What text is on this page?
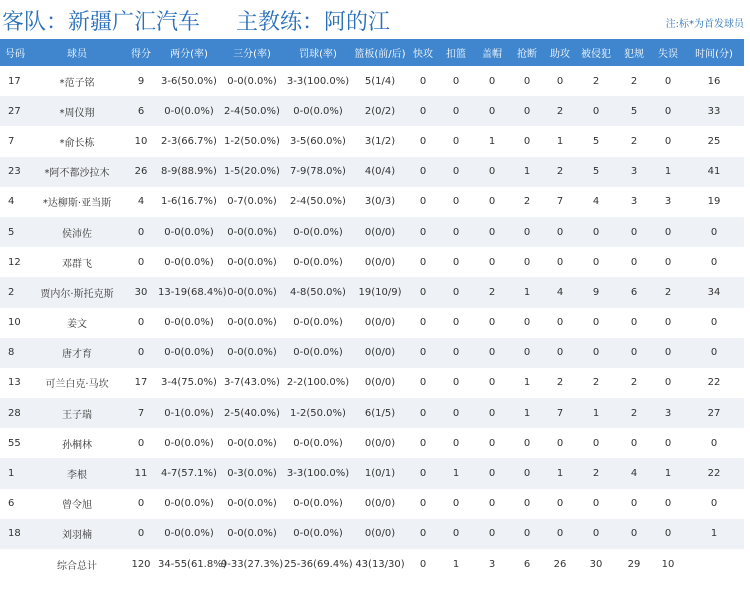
客队：新疆广汇汽车 主教练：阿的江	注:标*为首发球员
号码	球员	得分	两分(率)	三分(率)	罚球(率)	篮板(前/后)	快攻	扣篮	盖帽	抢断	助攻	被侵犯	犯规	失误	时间(分)
17	*范子铭	9	3-6(50.0%)	0-0(0.0%)	3-3(100.0%)	5(1/4)	0	0	0	0	0	2	2	0	16
27	*周仪翔	6	0-0(0.0%)	2-4(50.0%)	0-0(0.0%)	2(0/2)	0	0	0	0	2	0	5	0	33
7	*俞长栋	10	2-3(66.7%)	1-2(50.0%)	3-5(60.0%)	3(1/2)	0	0	1	0	1	5	2	0	25
23	*阿不都沙拉木	26	8-9(88.9%)	1-5(20.0%)	7-9(78.0%)	4(0/4)	0	0	0	1	2	5	3	1	41
4	*达柳斯·亚当斯	4	1-6(16.7%)	0-7(0.0%)	2-4(50.0%)	3(0/3)	0	0	0	2	7	4	3	3	19
5	侯沛佐	0	0-0(0.0%)	0-0(0.0%)	0-0(0.0%)	0(0/0)	0	0	0	0	0	0	0	0	0
12	邓群飞	0	0-0(0.0%)	0-0(0.0%)	0-0(0.0%)	0(0/0)	0	0	0	0	0	0	0	0	0
2	贾内尔·斯托克斯	30	13-19(68.4%)	0-0(0.0%)	4-8(50.0%)	19(10/9)	0	0	2	1	4	9	6	2	34
10	姜文	0	0-0(0.0%)	0-0(0.0%)	0-0(0.0%)	0(0/0)	0	0	0	0	0	0	0	0	0
8	唐才育	0	0-0(0.0%)	0-0(0.0%)	0-0(0.0%)	0(0/0)	0	0	0	0	0	0	0	0	0
13	可兰白克·马坎	17	3-4(75.0%)	3-7(43.0%)	2-2(100.0%)	0(0/0)	0	0	0	1	2	2	2	0	22
28	王子瑞	7	0-1(0.0%)	2-5(40.0%)	1-2(50.0%)	6(1/5)	0	0	0	1	7	1	2	3	27
55	孙桐林	0	0-0(0.0%)	0-0(0.0%)	0-0(0.0%)	0(0/0)	0	0	0	0	0	0	0	0	0
1	李根	11	4-7(57.1%)	0-3(0.0%)	3-3(100.0%)	1(0/1)	0	1	0	0	1	2	4	1	22
6	曾令旭	0	0-0(0.0%)	0-0(0.0%)	0-0(0.0%)	0(0/0)	0	0	0	0	0	0	0	0	0
18	刘羽楠	0	0-0(0.0%)	0-0(0.0%)	0-0(0.0%)	0(0/0)	0	0	0	0	0	0	0	0	1
	综合总计	120	34-55(61.8%)	9-33(27.3%)	25-36(69.4%)	43(13/30)	0	1	3	6	26	30	29	10	
